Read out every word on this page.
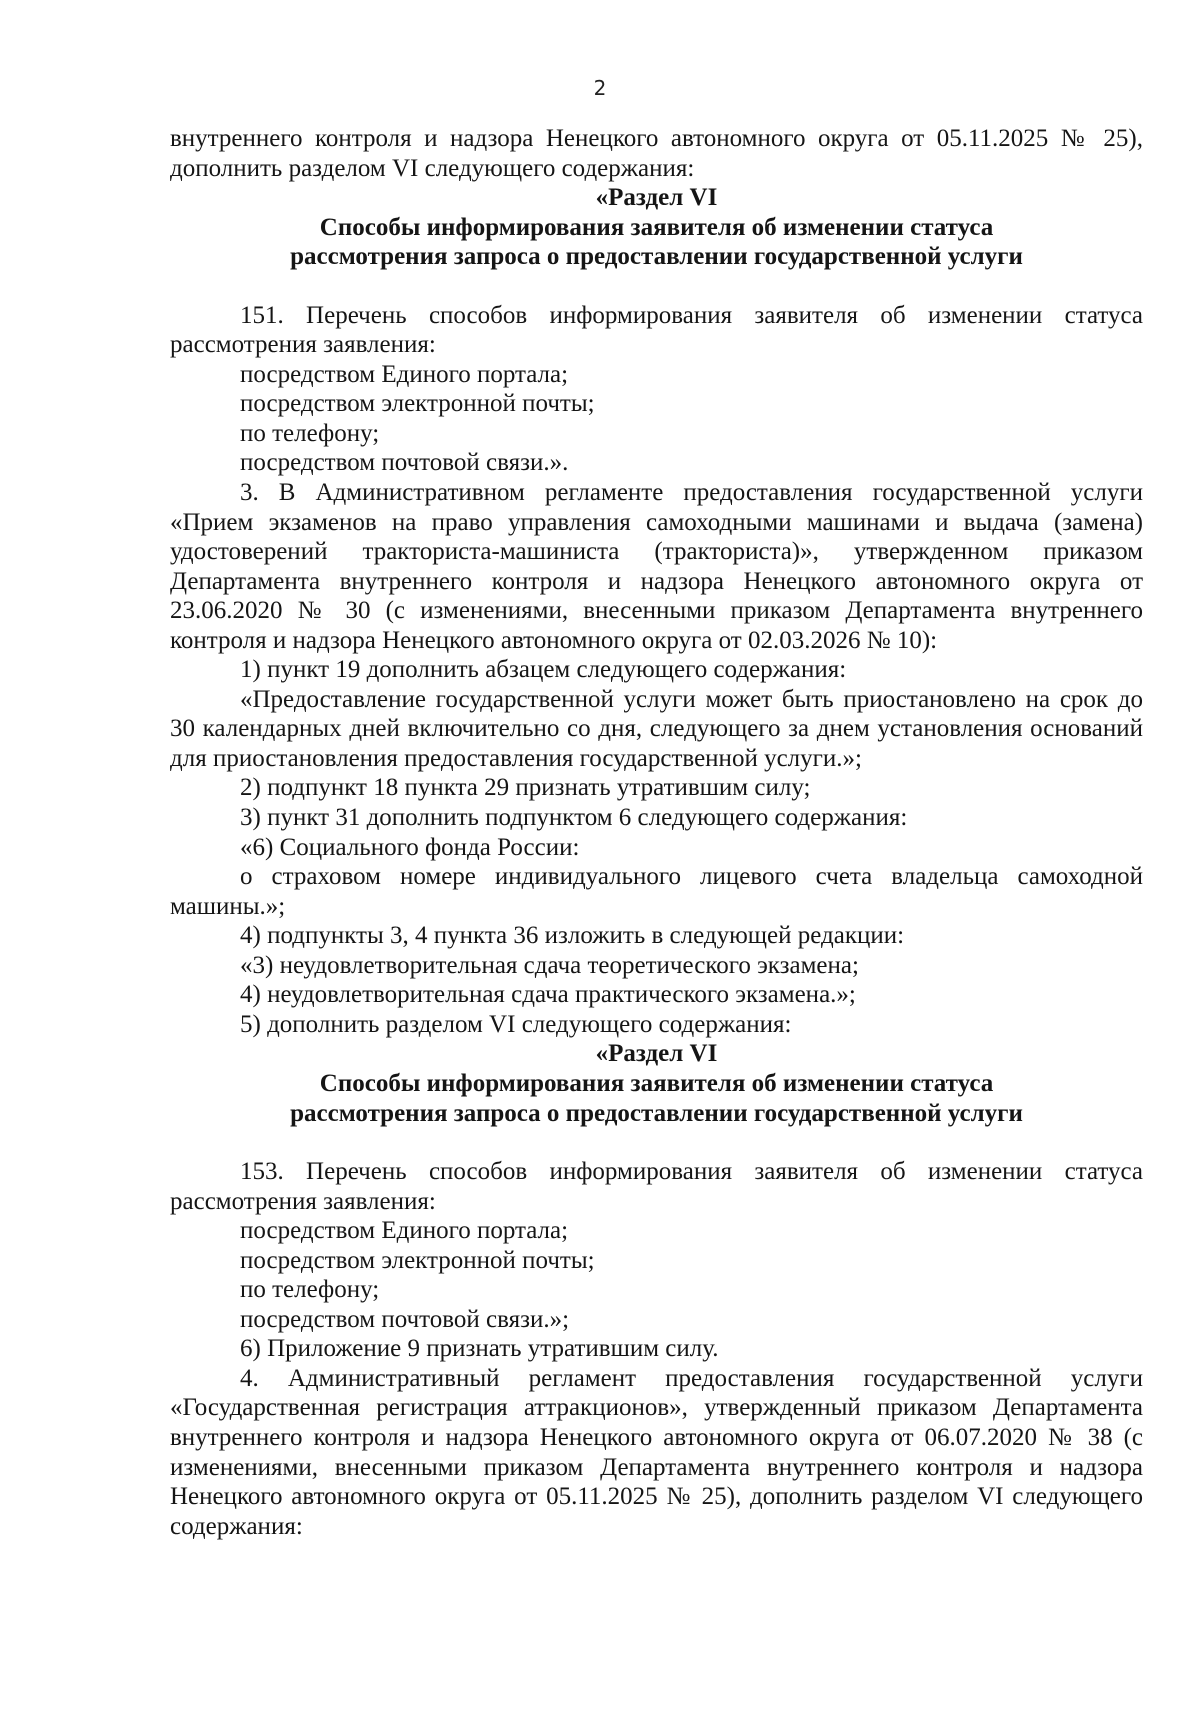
2

внутреннего контроля и надзора Ненецкого автономного округа от 05.11.2025 № 25), дополнить разделом VI следующего содержания:

«Раздел VI

Способы информирования заявителя об изменении статуса

рассмотрения запроса о предоставлении государственной услуги

151. Перечень способов информирования заявителя об изменении статуса рассмотрения заявления:

посредством Единого портала;

посредством электронной почты;

по телефону;

посредством почтовой связи.».

3. В Административном регламенте предоставления государственной услуги «Прием экзаменов на право управления самоходными машинами и выдача (замена) удостоверений тракториста-машиниста (тракториста)», утвержденном приказом Департамента внутреннего контроля и надзора Ненецкого автономного округа от 23.06.2020 № 30 (с изменениями, внесенными приказом Департамента внутреннего контроля и надзора Ненецкого автономного округа от 02.03.2026 № 10):

1) пункт 19 дополнить абзацем следующего содержания:

«Предоставление государственной услуги может быть приостановлено на срок до 30 календарных дней включительно со дня, следующего за днем установления оснований для приостановления предоставления государственной услуги.»;

2) подпункт 18 пункта 29 признать утратившим силу;

3) пункт 31 дополнить подпунктом 6 следующего содержания:

«6) Социального фонда России:

о страховом номере индивидуального лицевого счета владельца самоходной машины.»;

4) подпункты 3, 4 пункта 36 изложить в следующей редакции:

«3) неудовлетворительная сдача теоретического экзамена;

4) неудовлетворительная сдача практического экзамена.»;

5) дополнить разделом VI следующего содержания:

«Раздел VI

Способы информирования заявителя об изменении статуса

рассмотрения запроса о предоставлении государственной услуги

153. Перечень способов информирования заявителя об изменении статуса рассмотрения заявления:

посредством Единого портала;

посредством электронной почты;

по телефону;

посредством почтовой связи.»;

6) Приложение 9 признать утратившим силу.

4. Административный регламент предоставления государственной услуги «Государственная регистрация аттракционов», утвержденный приказом Департамента внутреннего контроля и надзора Ненецкого автономного округа от 06.07.2020 № 38 (с изменениями, внесенными приказом Департамента внутреннего контроля и надзора Ненецкого автономного округа от 05.11.2025 № 25), дополнить разделом VI следующего содержания:
